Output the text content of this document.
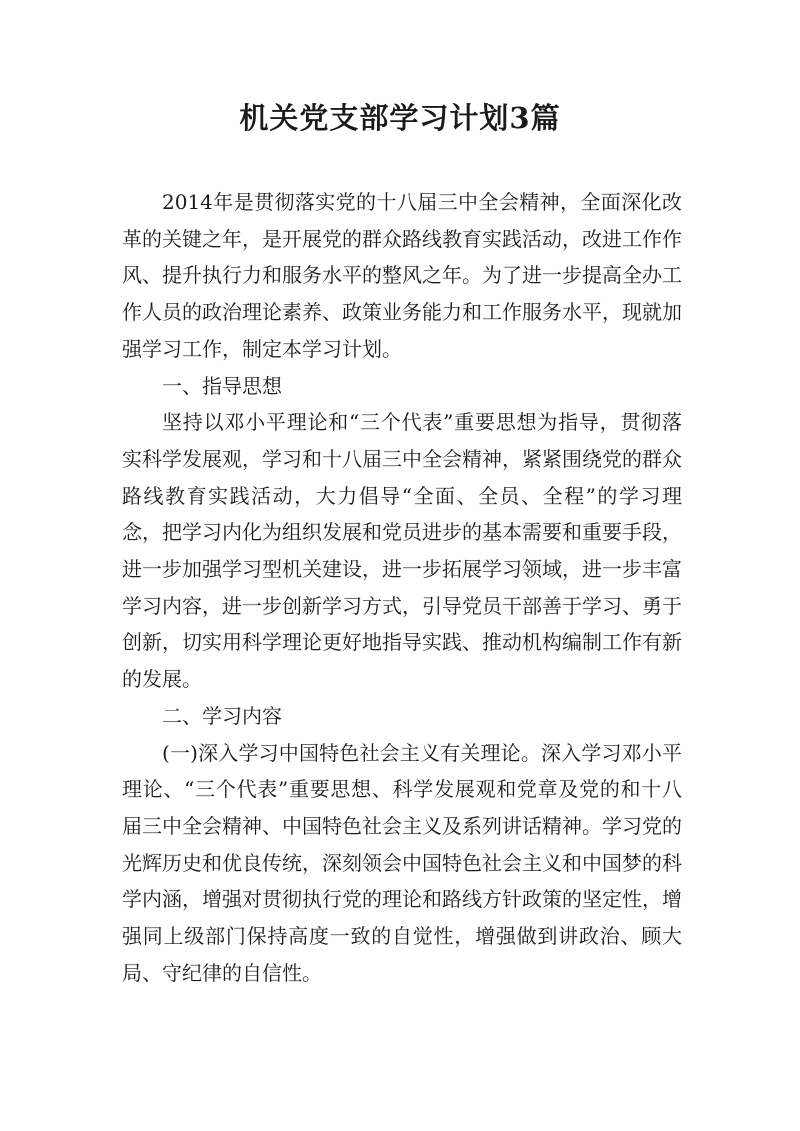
机关党支部学习计划3篇

2014年是贯彻落实党的十八届三中全会精神，全面深化改革的关键之年，是开展党的群众路线教育实践活动，改进工作作风、提升执行力和服务水平的整风之年。为了进一步提高全办工作人员的政治理论素养、政策业务能力和工作服务水平，现就加强学习工作，制定本学习计划。

一、指导思想

坚持以邓小平理论和“三个代表”重要思想为指导，贯彻落实科学发展观，学习和十八届三中全会精神，紧紧围绕党的群众路线教育实践活动，大力倡导“全面、全员、全程”的学习理念，把学习内化为组织发展和党员进步的基本需要和重要手段，进一步加强学习型机关建设，进一步拓展学习领域，进一步丰富学习内容，进一步创新学习方式，引导党员干部善于学习、勇于创新，切实用科学理论更好地指导实践、推动机构编制工作有新的发展。

二、学习内容

(一)深入学习中国特色社会主义有关理论。深入学习邓小平理论、“三个代表”重要思想、科学发展观和党章及党的和十八届三中全会精神、中国特色社会主义及系列讲话精神。学习党的光辉历史和优良传统，深刻领会中国特色社会主义和中国梦的科学内涵，增强对贯彻执行党的理论和路线方针政策的坚定性，增强同上级部门保持高度一致的自觉性，增强做到讲政治、顾大局、守纪律的自信性。
